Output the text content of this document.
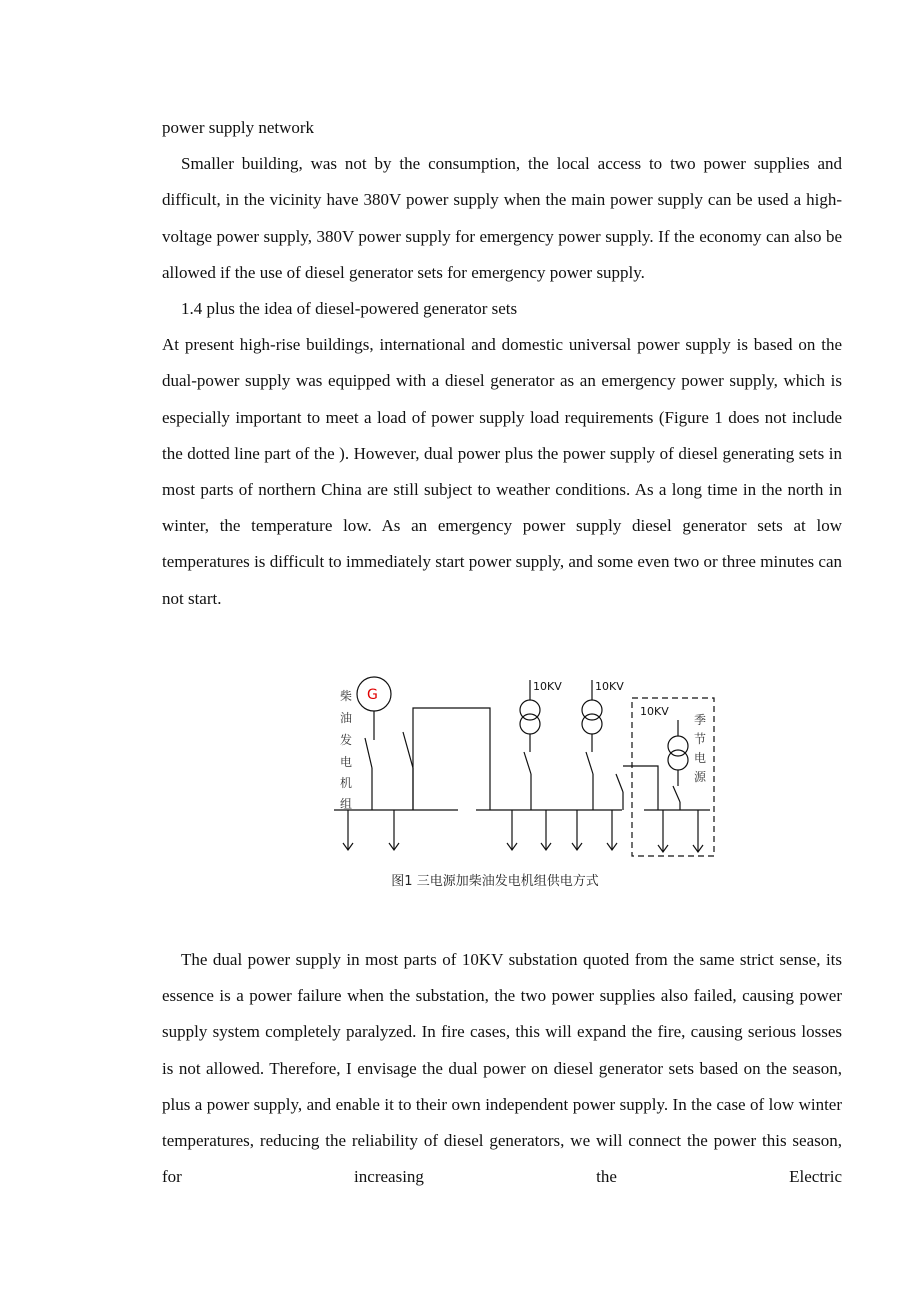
power supply network

Smaller building, was not by the consumption, the local access to two power supplies and difficult, in the vicinity have 380V power supply when the main power supply can be used a high-voltage power supply, 380V power supply for emergency power supply. If the economy can also be allowed if the use of diesel generator sets for emergency power supply.

1.4 plus the idea of diesel-powered generator sets

At present high-rise buildings, international and domestic universal power supply is based on the dual-power supply was equipped with a diesel generator as an emergency power supply, which is especially important to meet a load of power supply load requirements (Figure 1 does not include the dotted line part of the ). However, dual power plus the power supply of diesel generating sets in most parts of northern China are still subject to weather conditions. As a long time in the north in winter, the temperature low. As an emergency power supply diesel generator sets at low temperatures is difficult to immediately start power supply, and some even two or three minutes can not start.

柴
油
发
电
机
组
G
10KV	10KV
10KV
季
节
电
源
图1 三电源加柴油发电机组供电方式

The dual power supply in most parts of 10KV substation quoted from the same strict sense, its essence is a power failure when the substation, the two power supplies also failed, causing power supply system completely paralyzed. In fire cases, this will expand the fire, causing serious losses is not allowed. Therefore, I envisage the dual power on diesel generator sets based on the season, plus a power supply, and enable it to their own independent power supply. In the case of low winter temperatures, reducing the reliability of diesel generators, we will connect the power this season, for increasing the Electric
